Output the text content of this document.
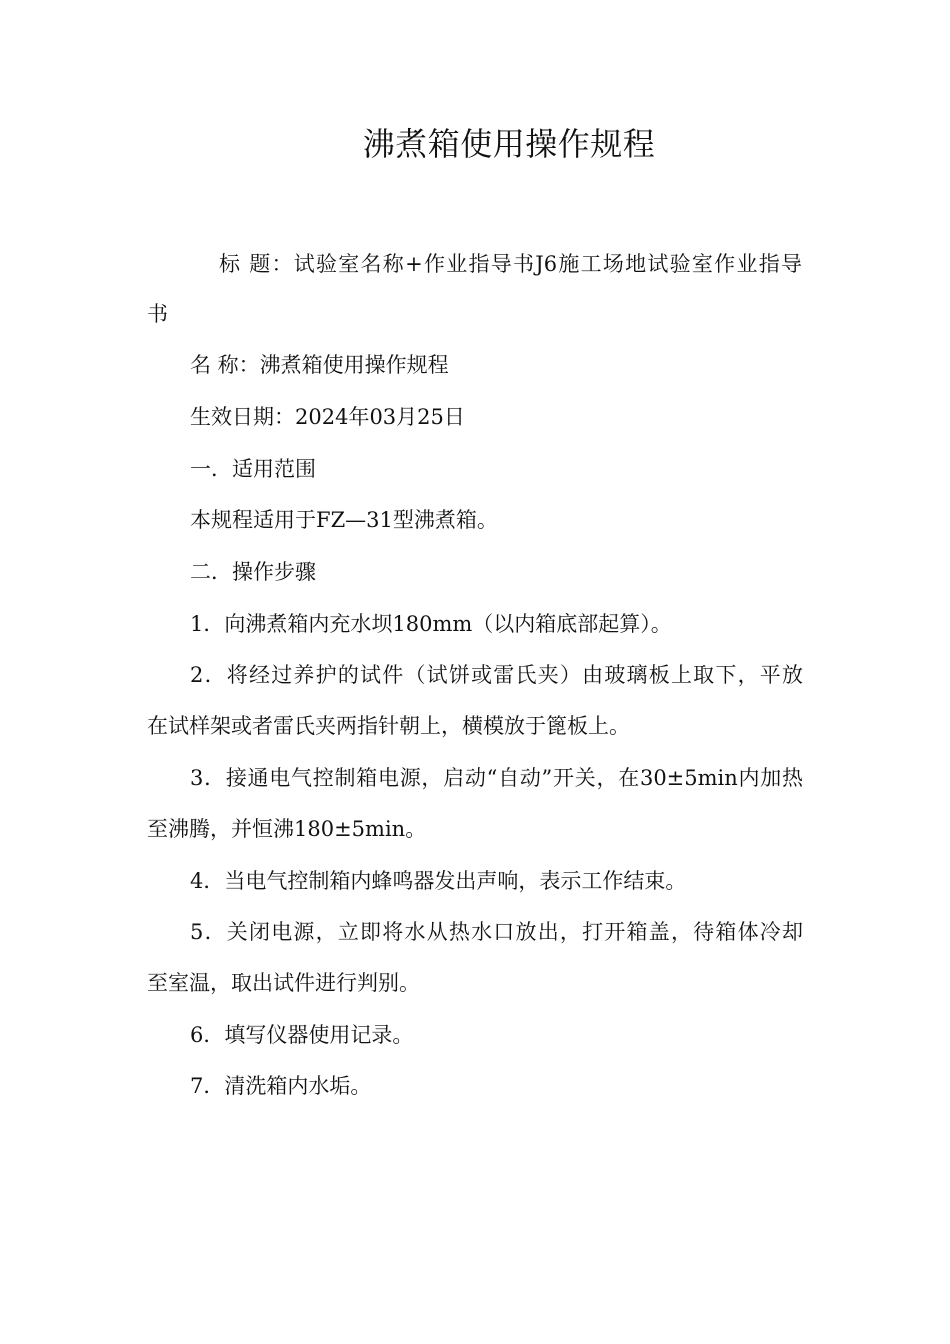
沸煮箱使用操作规程
标 题：试验室名称+作业指导书J6施工场地试验室作业指导
书
名 称：沸煮箱使用操作规程
生效日期：2024年03月25日
一．适用范围
本规程适用于FZ—31型沸煮箱。
二．操作步骤
1．向沸煮箱内充水坝180mm（以内箱底部起算）。
2．将经过养护的试件（试饼或雷氏夹）由玻璃板上取下，平放
在试样架或者雷氏夹两指针朝上，横模放于篦板上。
3．接通电气控制箱电源，启动“自动”开关，在30±5min内加热
至沸腾，并恒沸180±5min。
4．当电气控制箱内蜂鸣器发出声响，表示工作结束。
5．关闭电源，立即将水从热水口放出，打开箱盖，待箱体冷却
至室温，取出试件进行判别。
6．填写仪器使用记录。
7．清洗箱内水垢。
